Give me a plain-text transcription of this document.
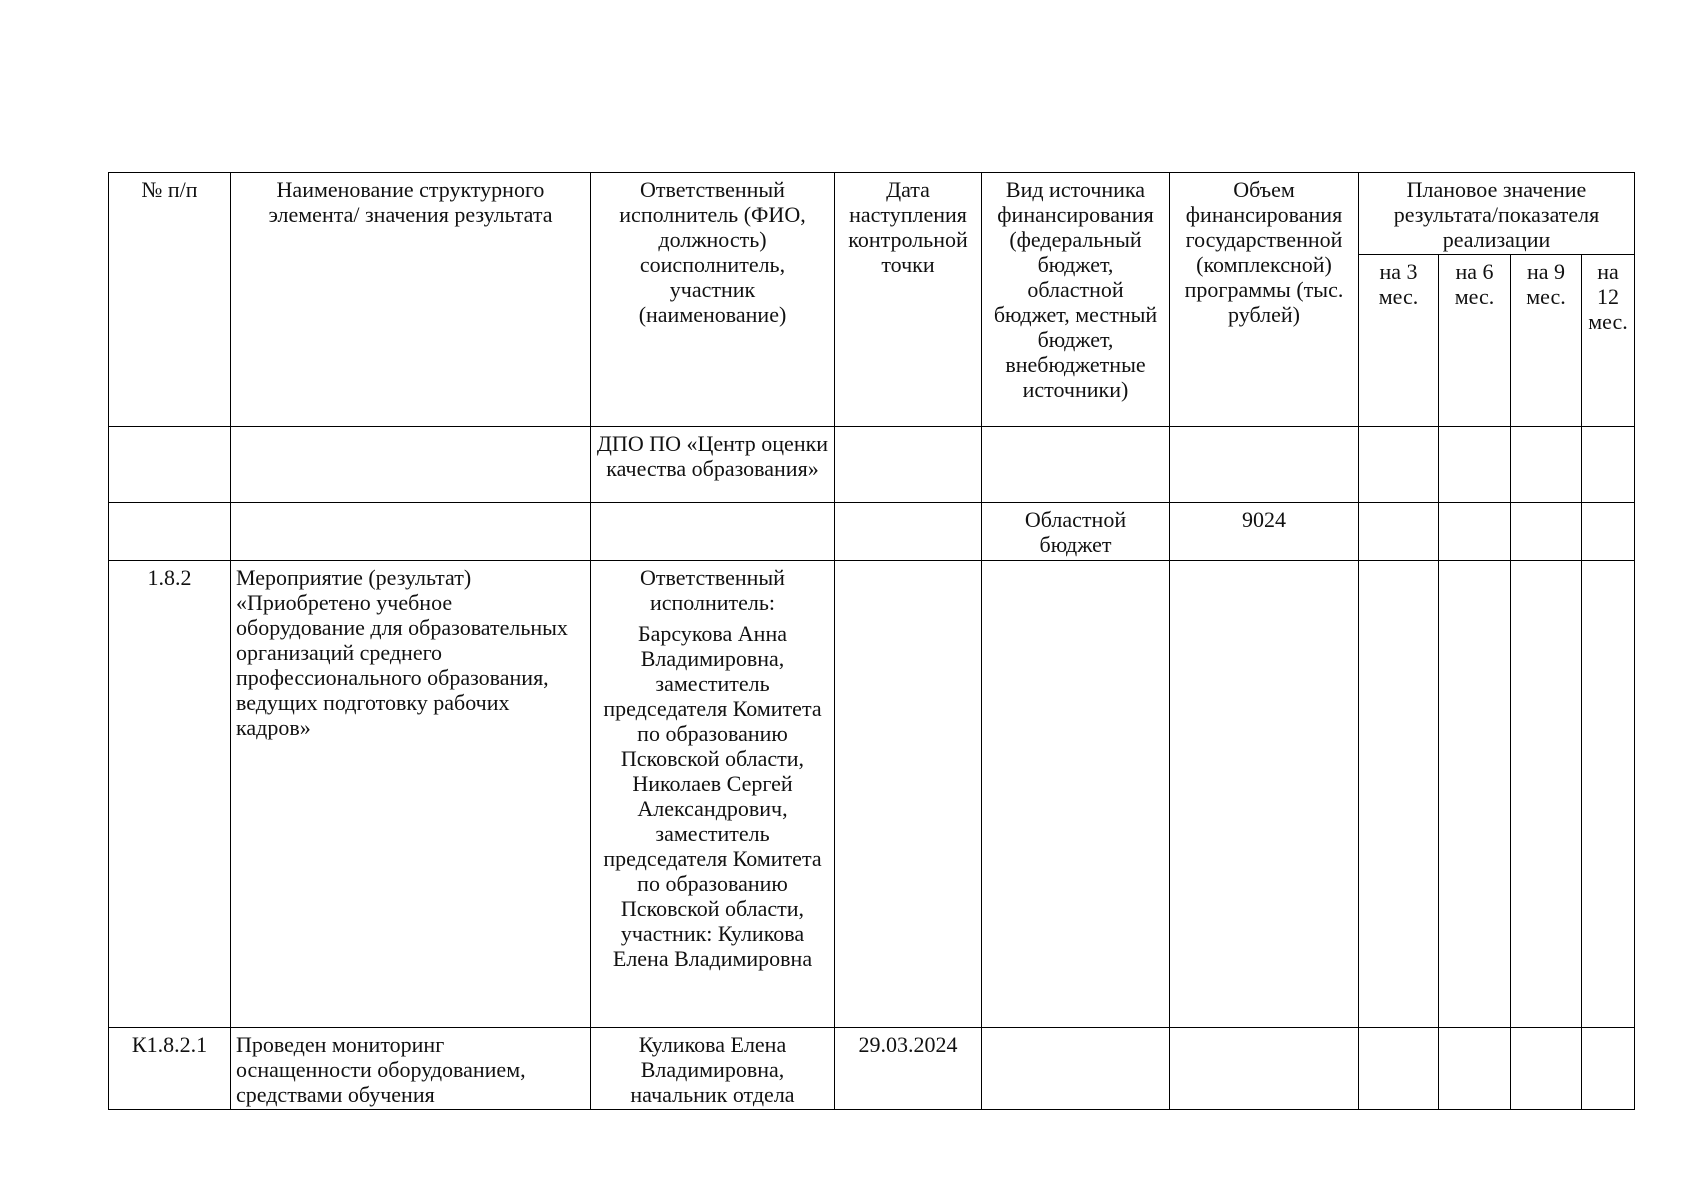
№ п/п	Наименование структурного элемента/ значения результата	Ответственный исполнитель (ФИО, должность) соисполнитель, участник (наименование)	Дата наступления контрольной точки	Вид источника финансирования (федеральный бюджет, областной бюджет, местный бюджет, внебюджетные источники)	Объем финансирования государственной (комплексной) программы (тыс. рублей)	Плановое значение результата/показателя реализации			
						на 3 мес.	на 6 мес.	на 9 мес.	на 12 мес.
		ДПО ПО «Центр оценки качества образования»							
				Областной бюджет	9024				
1.8.2	Мероприятие (результат) «Приобретено учебное оборудование для образовательных организаций среднего профессионального образования, ведущих подготовку рабочих кадров»	Ответственный исполнитель:
Барсукова Анна Владимировна, заместитель председателя Комитета по образованию Псковской области, Николаев Сергей Александрович, заместитель председателя Комитета по образованию Псковской области, участник: Куликова Елена Владимировна							

К1.8.2.1	Проведен мониторинг оснащенности оборудованием, средствами обучения	Куликова Елена Владимировна, начальник отдела	29.03.2024						
